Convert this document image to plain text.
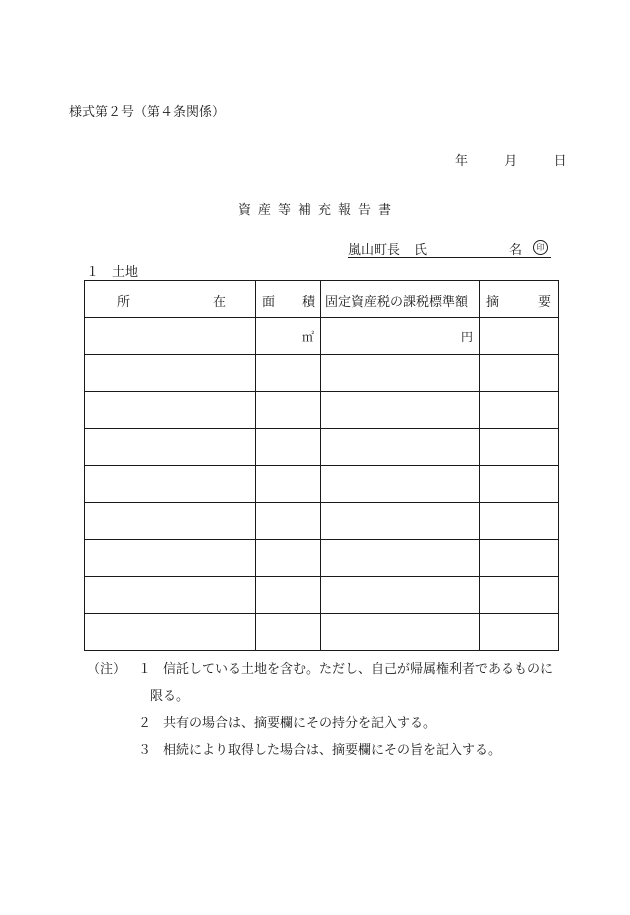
様式第２号（第４条関係）
年	月	日
資産等補充報告書
嵐山町長 氏	名	印
１　土地
所 在	面 積	固定資産税の課税標準額	摘 要

	㎡	円	

（注） １ 信託している土地を含む。ただし、自己が帰属権利者であるものに
限る。
２ 共有の場合は、摘要欄にその持分を記入する。
３ 相続により取得した場合は、摘要欄にその旨を記入する。
